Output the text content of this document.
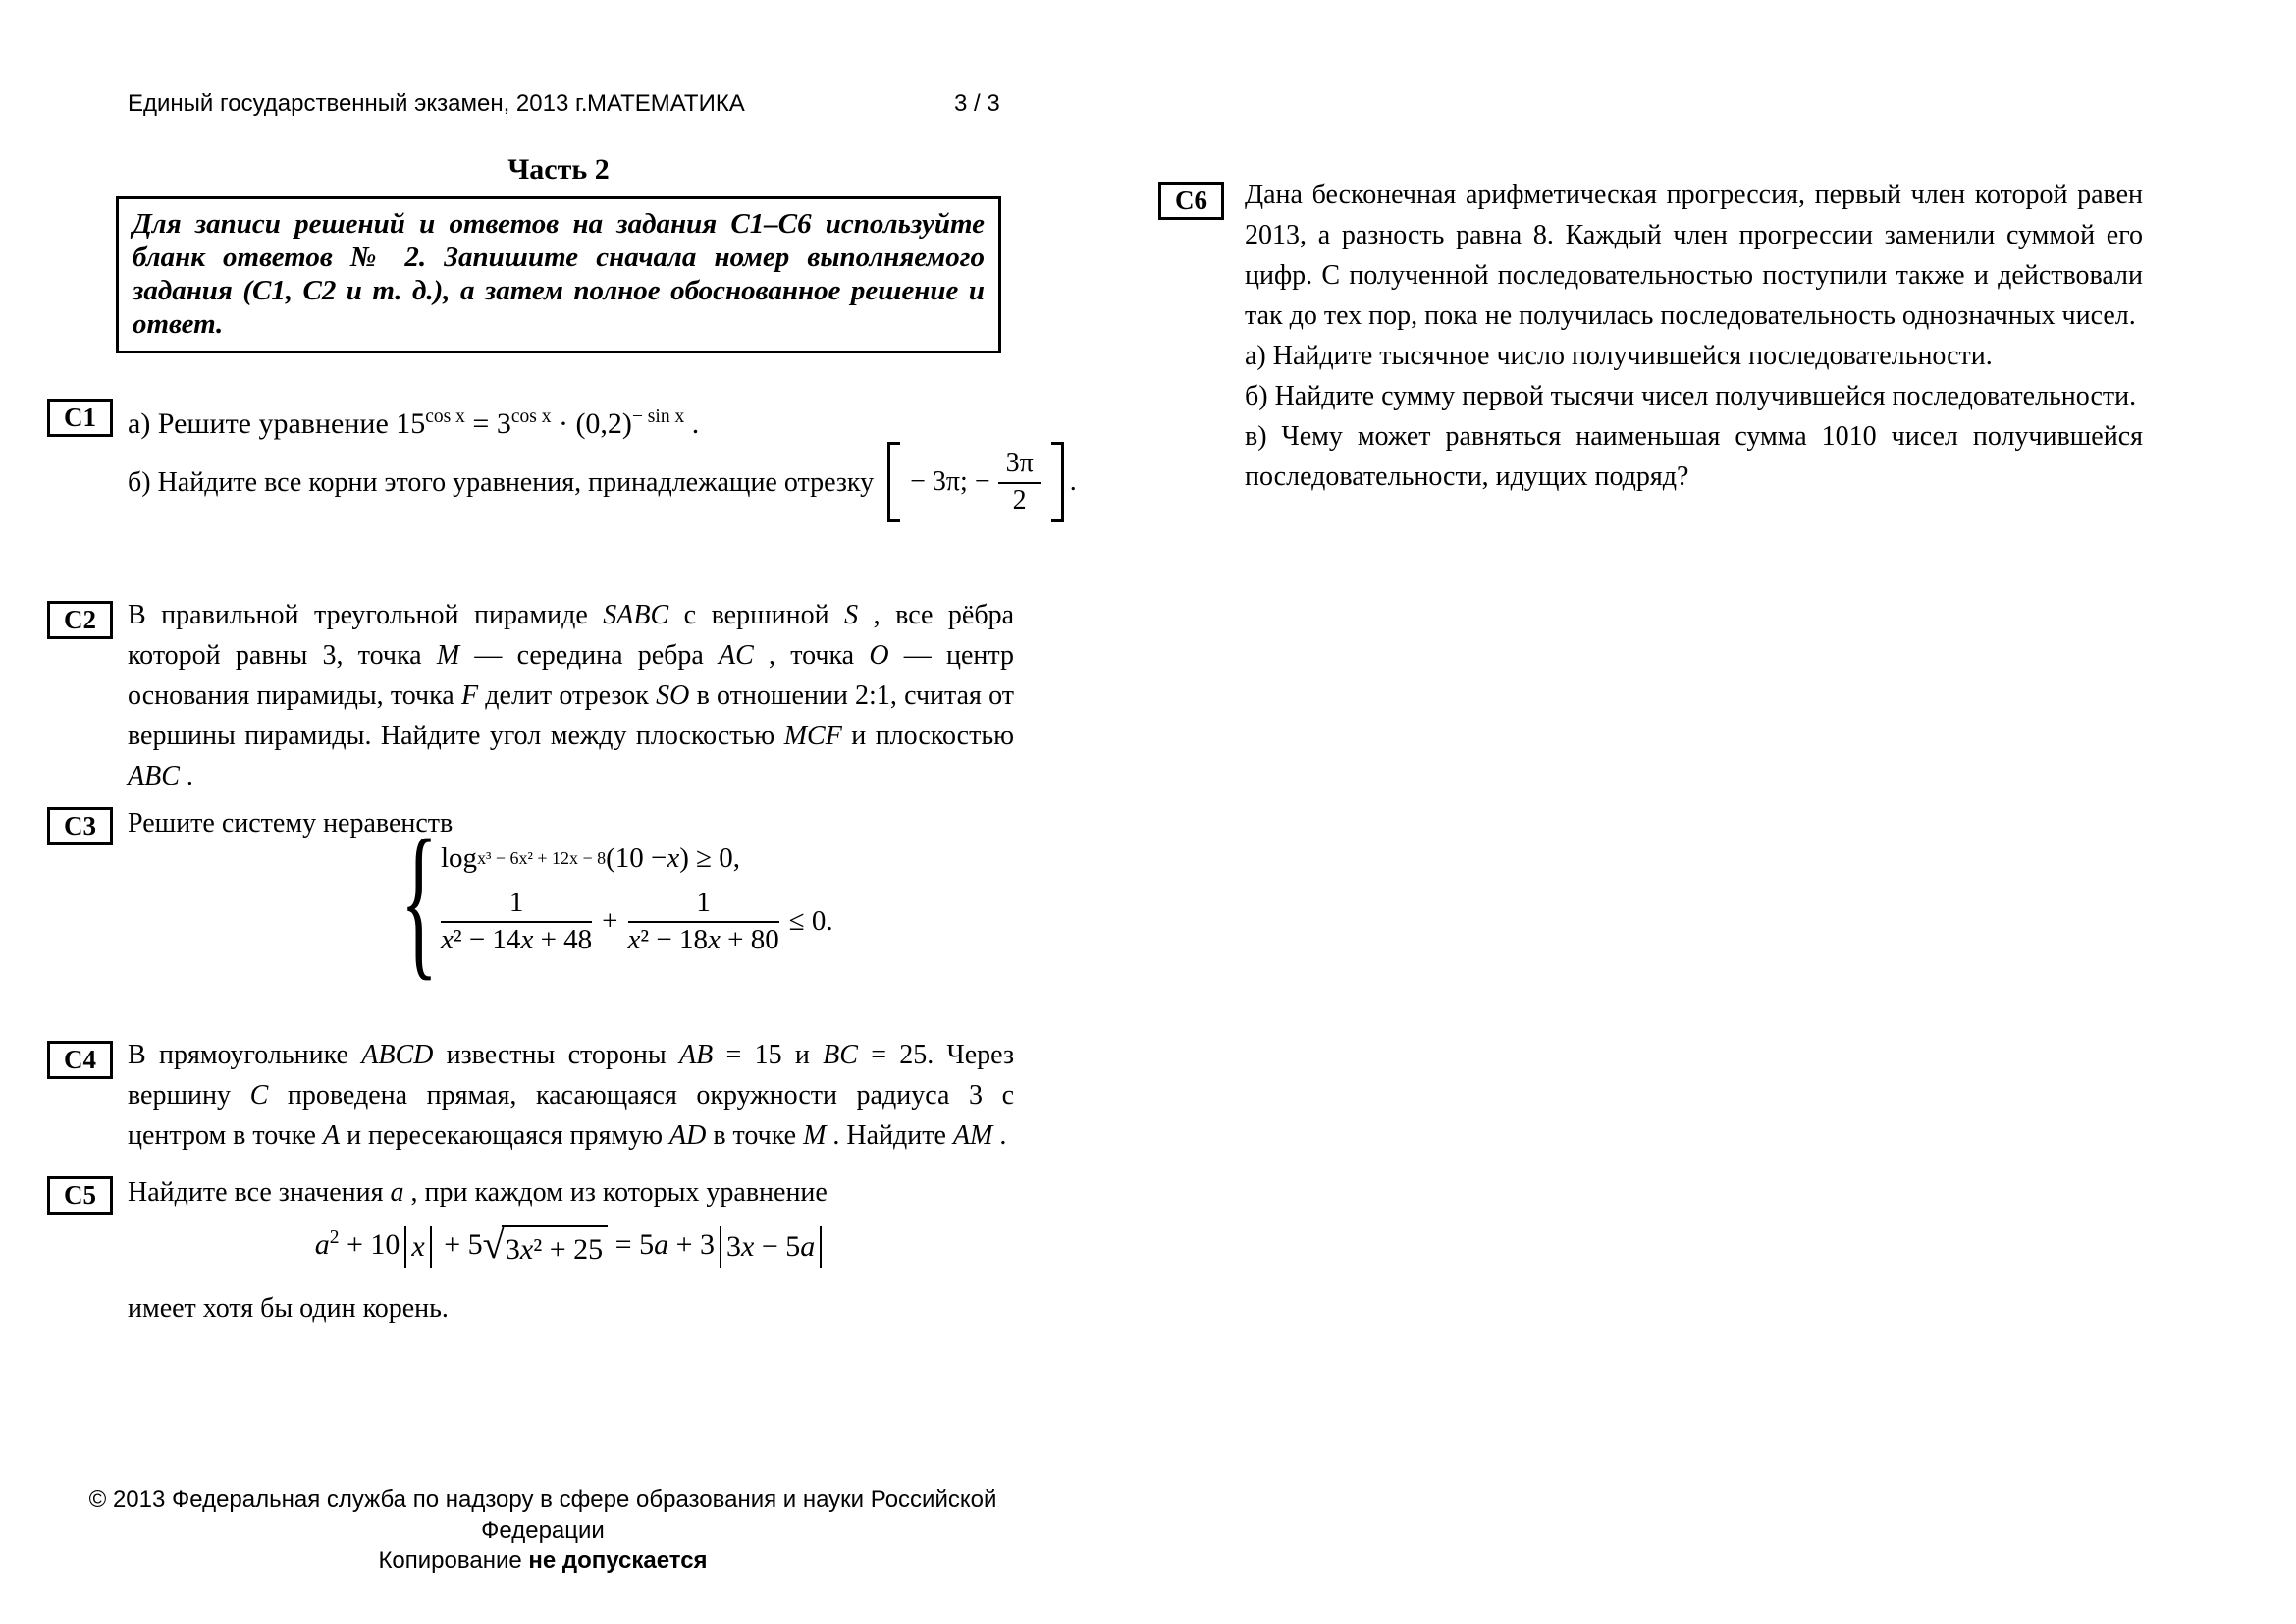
Единый государственный экзамен, 2013 г. МАТЕМАТИКА	3 / 3
Часть 2
Для записи решений и ответов на задания С1–С6 используйте бланк ответов № 2. Запишите сначала номер выполняемого задания (С1, С2 и т. д.), а затем полное обоснованное решение и ответ.
С1 а) Решите уравнение $15^{cos x} = 3^{cos x} \cdot (0,2)^{- sin x}$ .
б) Найдите все корни этого уравнения, принадлежащие отрезку − 3π; − $\frac{3\pi}{2}$ .
С2 В правильной треугольной пирамиде SABC с вершиной S , все рёбра которой равны 3, точка M — середина ребра AC , точка O — центр основания пирамиды, точка F делит отрезок SO в отношении 2:1, считая от вершины пирамиды. Найдите угол между плоскостью MCF и плоскостью ABC .
С3 Решите систему неравенств
{ log x³ − 6x² + 12x − 8 (10 − x ) ≥ 0,
$\frac{1}{\text{x² − 14x + 48}} + \frac{1}{\text{x² − 18x + 80}} \le 0$.
С4 В прямоугольнике ABCD известны стороны AB = 15 и BC = 25. Через вершину C проведена прямая, касающаяся окружности радиуса 3 с центром в точке A и пересекающаяся прямую AD в точке M . Найдите AM .
С5 Найдите все значения a , при каждом из которых уравнение
$a^2 + 10$ x + 5 √ 3x² + 25 = 5a + 3 3x − 5a
имеет хотя бы один корень.
С6 Дана бесконечная арифметическая прогрессия, первый член которой равен 2013, а разность равна 8. Каждый член прогрессии заменили суммой его цифр. С полученной последовательностью поступили также и действовали так до тех пор, пока не получилась последовательность однозначных чисел.
а) Найдите тысячное число получившейся последовательности.
б) Найдите сумму первой тысячи чисел получившейся последовательности.
в) Чему может равняться наименьшая сумма 1010 чисел получившейся последовательности, идущих подряд?
© 2013 Федеральная служба по надзору в сфере образования и науки Российской Федерации
Копирование не допускается
